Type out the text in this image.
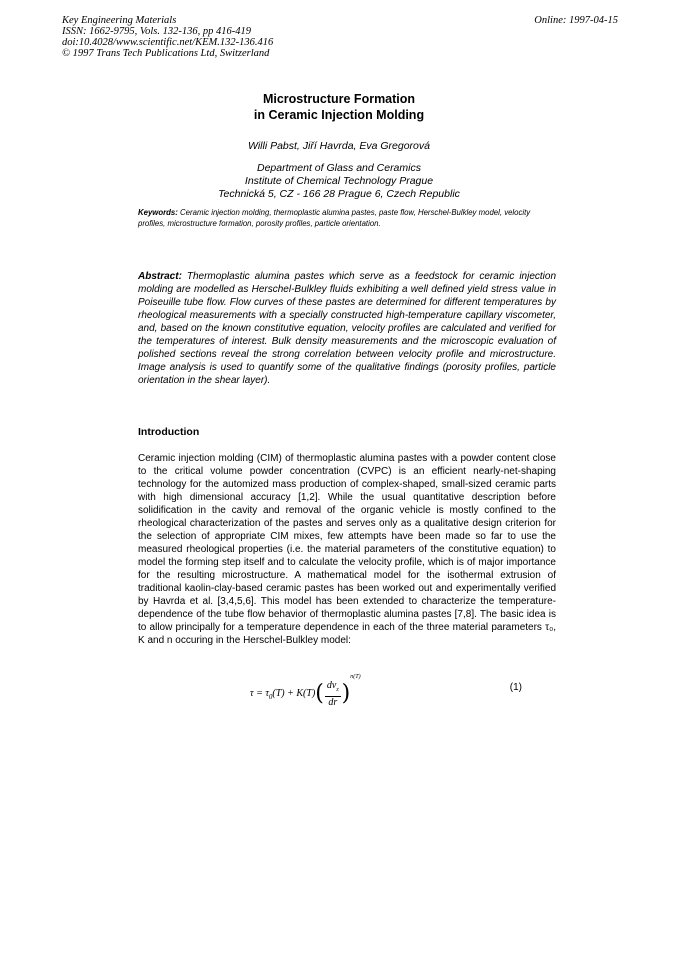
Key Engineering Materials
ISSN: 1662-9795, Vols. 132-136, pp 416-419
doi:10.4028/www.scientific.net/KEM.132-136.416
© 1997 Trans Tech Publications Ltd, Switzerland
Online: 1997-04-15
Microstructure Formation
in Ceramic Injection Molding
Willi Pabst, Jiří Havrda, Eva Gregorová
Department of Glass and Ceramics
Institute of Chemical Technology Prague
Technická 5, CZ - 166 28 Prague 6, Czech Republic
Keywords: Ceramic injection molding, thermoplastic alumina pastes, paste flow, Herschel-Bulkley model, velocity profiles, microstructure formation, porosity profiles, particle orientation.
Abstract: Thermoplastic alumina pastes which serve as a feedstock for ceramic injection molding are modelled as Herschel-Bulkley fluids exhibiting a well defined yield stress value in Poiseuille tube flow. Flow curves of these pastes are determined for different temperatures by rheological measurements with a specially constructed high-temperature capillary viscometer, and, based on the known constitutive equation, velocity profiles are calculated and verified for the temperatures of interest. Bulk density measurements and the microscopic evaluation of polished sections reveal the strong correlation between velocity profile and microstructure. Image analysis is used to quantify some of the qualitative findings (porosity profiles, particle orientation in the shear layer).
Introduction
Ceramic injection molding (CIM) of thermoplastic alumina pastes with a powder content close to the critical volume powder concentration (CVPC) is an efficient nearly-net-shaping technology for the automized mass production of complex-shaped, small-sized ceramic parts with high dimensional accuracy [1,2]. While the usual quantitative description before solidification in the cavity and removal of the organic vehicle is mostly confined to the rheological characterization of the pastes and serves only as a qualitative design criterion for the selection of appropriate CIM mixes, few attempts have been made so far to use the measured rheological properties (i.e. the material parameters of the constitutive equation) to model the forming step itself and to calculate the velocity profile, which is of major importance for the resulting microstructure. A mathematical model for the isothermal extrusion of traditional kaolin-clay-based ceramic pastes has been worked out and experimentally verified by Havrda et al. [3,4,5,6]. This model has been extended to characterize the temperature-dependence of the tube flow behavior of thermoplastic alumina pastes [7,8]. The basic idea is to allow principally for a temperature dependence in each of the three material parameters τ₀, K and n occuring in the Herschel-Bulkley model:
$\tau = \tau_0(T) + K(T)( \frac{dv_z}{dr} )^{n(T)}$
(1)
